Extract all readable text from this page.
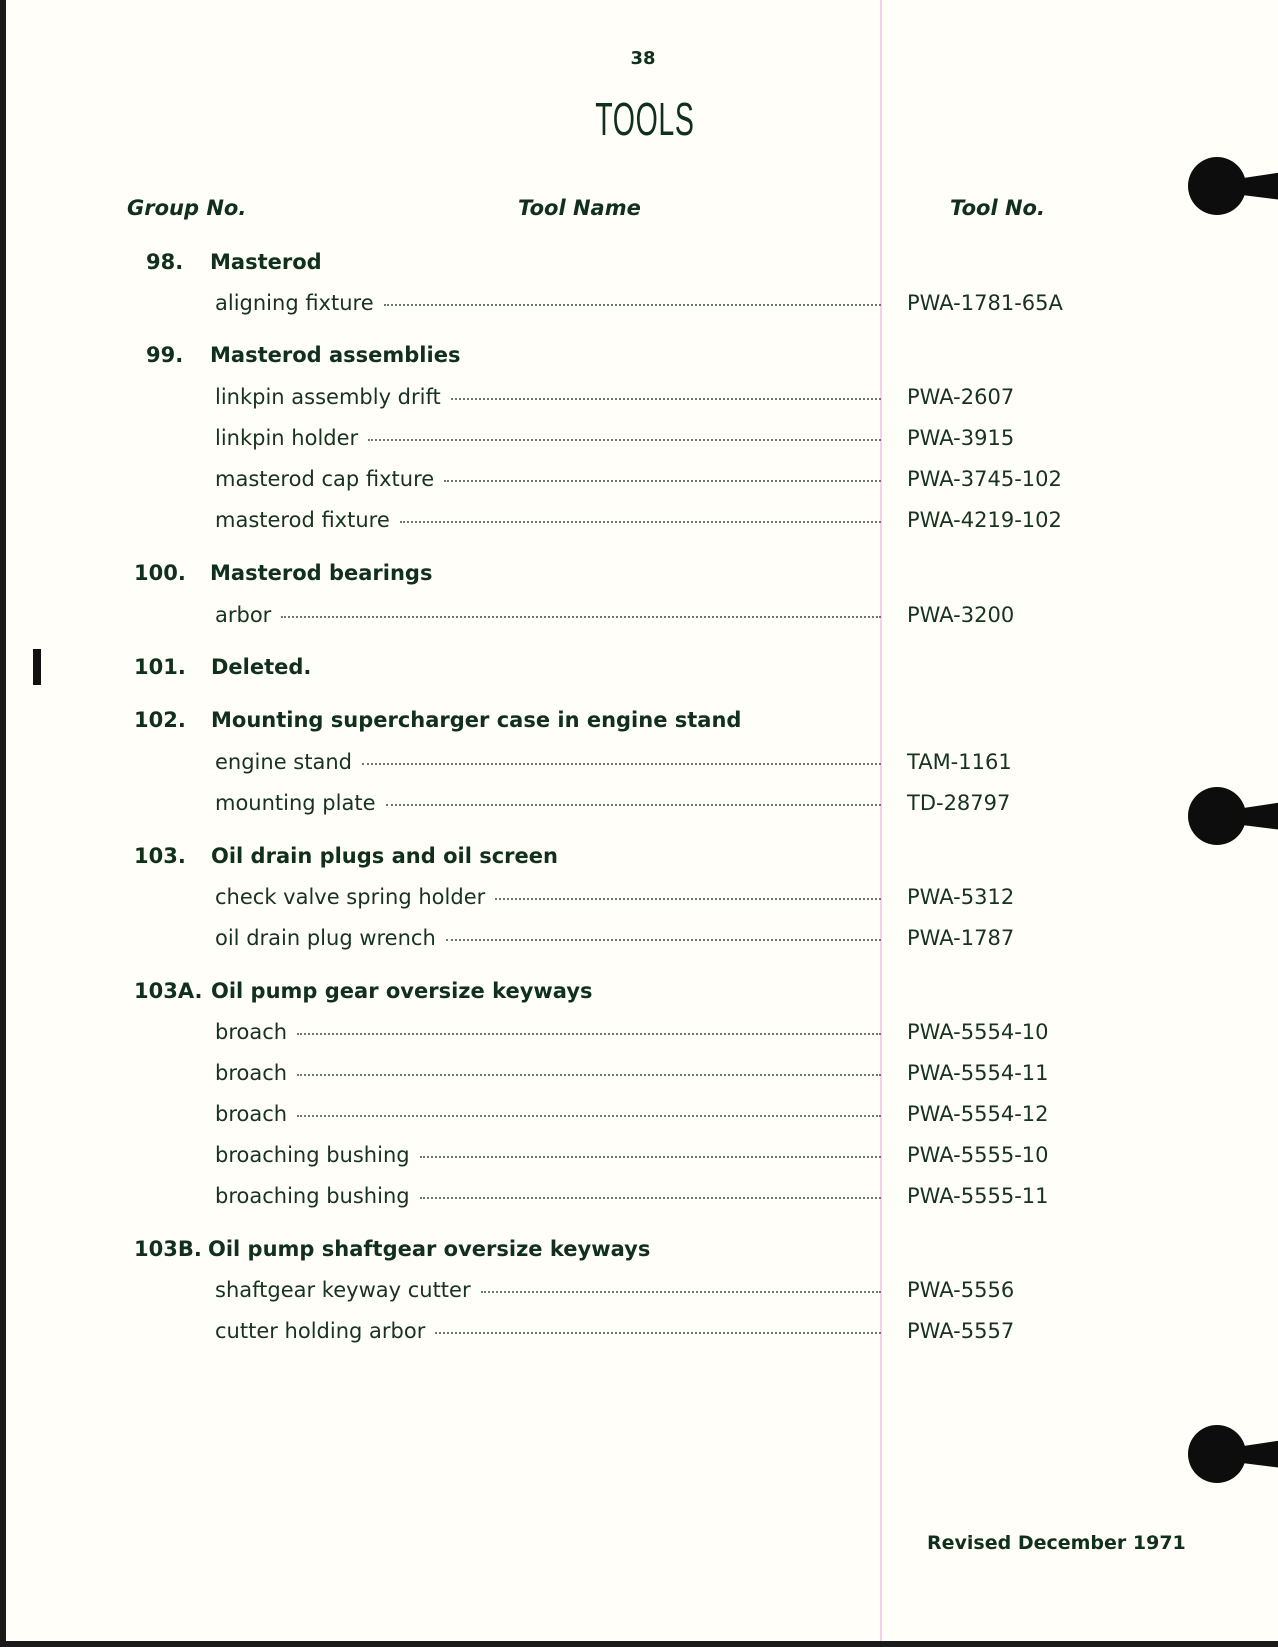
38
TOOLS
Group No.	Tool Name	Tool No.
98. Masterod
aligning fixture	PWA-1781-65A
99. Masterod assemblies
linkpin assembly drift	PWA-2607
linkpin holder	PWA-3915
masterod cap fixture	PWA-3745-102
masterod fixture	PWA-4219-102
100. Masterod bearings
arbor	PWA-3200
101. Deleted.
102. Mounting supercharger case in engine stand
engine stand	TAM-1161
mounting plate	TD-28797
103. Oil drain plugs and oil screen
check valve spring holder	PWA-5312
oil drain plug wrench	PWA-1787
103A. Oil pump gear oversize keyways
broach	PWA-5554-10
broach	PWA-5554-11
broach	PWA-5554-12
broaching bushing	PWA-5555-10
broaching bushing	PWA-5555-11
103B. Oil pump shaftgear oversize keyways
shaftgear keyway cutter	PWA-5556
cutter holding arbor	PWA-5557
Revised December 1971
